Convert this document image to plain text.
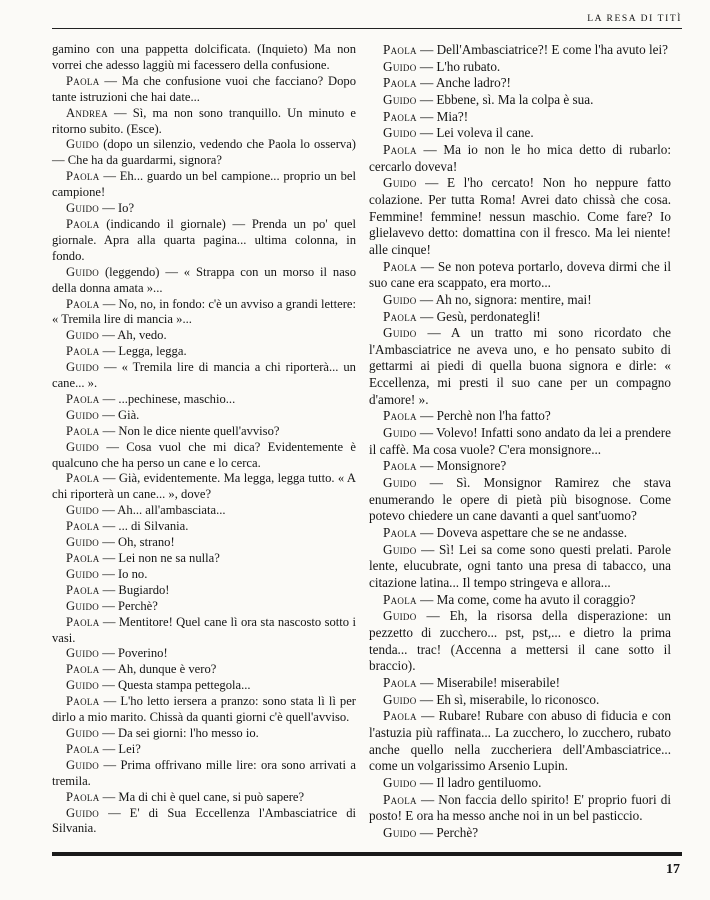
LA RESA DI TITÌ

gamino con una pappetta dolcificata. (Inquieto) Ma non vorrei che adesso laggiù mi facessero della confusione.

Paola — Ma che confusione vuoi che facciano? Dopo tante istruzioni che hai date...

Andrea — Sì, ma non sono tranquillo. Un minuto e ritorno subito. (Esce).

Guido (dopo un silenzio, vedendo che Paola lo osserva) — Che ha da guardarmi, signora?

Paola — Eh... guardo un bel campione... proprio un bel campione!

Guido — Io?

Paola (indicando il giornale) — Prenda un po' quel giornale. Apra alla quarta pagina... ultima colonna, in fondo.

Guido (leggendo) — « Strappa con un morso il naso della donna amata »...

Paola — No, no, in fondo: c'è un avviso a grandi lettere: « Tremila lire di mancia »...

Guido — Ah, vedo.

Paola — Legga, legga.

Guido — « Tremila lire di mancia a chi riporterà... un cane... ».

Paola — ...pechinese, maschio...

Guido — Già.

Paola — Non le dice niente quell'avviso?

Guido — Cosa vuol che mi dica? Evidentemente è qualcuno che ha perso un cane e lo cerca.

Paola — Già, evidentemente. Ma legga, legga tutto. « A chi riporterà un cane... », dove?

Guido — Ah... all'ambasciata...

Paola — ... di Silvania.

Guido — Oh, strano!

Paola — Lei non ne sa nulla?

Guido — Io no.

Paola — Bugiardo!

Guido — Perchè?

Paola — Mentitore! Quel cane lì ora sta nascosto sotto i vasi.

Guido — Poverino!

Paola — Ah, dunque è vero?

Guido — Questa stampa pettegola...

Paola — L'ho letto iersera a pranzo: sono stata lì lì per dirlo a mio marito. Chissà da quanti giorni c'è quell'avviso.

Guido — Da sei giorni: l'ho messo io.

Paola — Lei?

Guido — Prima offrivano mille lire: ora sono arrivati a tremila.

Paola — Ma di chi è quel cane, si può sapere?

Guido — E' di Sua Eccellenza l'Ambasciatrice di Silvania.

Paola — Dell'Ambasciatrice?! E come l'ha avuto lei?

Guido — L'ho rubato.

Paola — Anche ladro?!

Guido — Ebbene, sì. Ma la colpa è sua.

Paola — Mia?!

Guido — Lei voleva il cane.

Paola — Ma io non le ho mica detto di rubarlo: cercarlo doveva!

Guido — E l'ho cercato! Non ho neppure fatto colazione. Per tutta Roma! Avrei dato chissà che cosa. Femmine! femmine! nessun maschio. Come fare? Io glielavevo detto: domattina con il fresco. Ma lei niente! alle cinque!

Paola — Se non poteva portarlo, doveva dirmi che il suo cane era scappato, era morto...

Guido — Ah no, signora: mentire, mai!

Paola — Gesù, perdonategli!

Guido — A un tratto mi sono ricordato che l'Ambasciatrice ne aveva uno, e ho pensato subito di gettarmi ai piedi di quella buona signora e dirle: « Eccellenza, mi presti il suo cane per un compagno d'amore! ».

Paola — Perchè non l'ha fatto?

Guido — Volevo! Infatti sono andato da lei a prendere il caffè. Ma cosa vuole? C'era monsignore...

Paola — Monsignore?

Guido — Sì. Monsignor Ramirez che stava enumerando le opere di pietà più bisognose. Come potevo chiedere un cane davanti a quel sant'uomo?

Paola — Doveva aspettare che se ne andasse.

Guido — Sì! Lei sa come sono questi prelati. Parole lente, elucubrate, ogni tanto una presa di tabacco, una citazione latina... Il tempo stringeva e allora...

Paola — Ma come, come ha avuto il coraggio?

Guido — Eh, la risorsa della disperazione: un pezzetto di zucchero... pst, pst,... e dietro la prima tenda... trac! (Accenna a mettersi il cane sotto il braccio).

Paola — Miserabile! miserabile!

Guido — Eh sì, miserabile, lo riconosco.

Paola — Rubare! Rubare con abuso di fiducia e con l'astuzia più raffinata... La zucchero, lo zucchero, rubato anche quello nella zuccheriera dell'Ambasciatrice... come un volgarissimo Arsenio Lupin.

Guido — Il ladro gentiluomo.

Paola — Non faccia dello spirito! E' proprio fuori di posto! E ora ha messo anche noi in un bel pasticcio.

Guido — Perchè?

17
